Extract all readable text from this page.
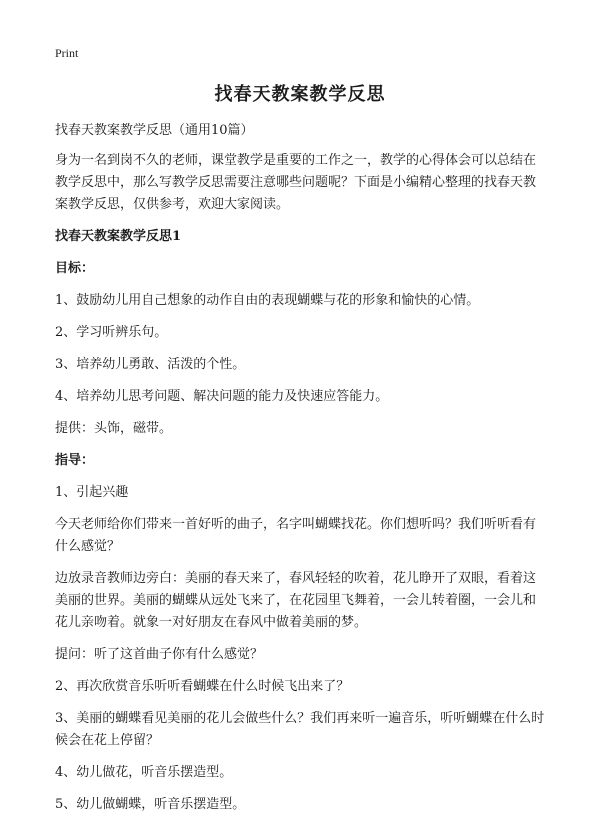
Print
找春天教案教学反思

找春天教案教学反思（通用10篇）

身为一名到岗不久的老师，课堂教学是重要的工作之一，教学的心得体会可以总结在教学反思中，那么写教学反思需要注意哪些问题呢？下面是小编精心整理的找春天教案教学反思，仅供参考，欢迎大家阅读。

找春天教案教学反思1

目标：

1、鼓励幼儿用自己想象的动作自由的表现蝴蝶与花的形象和愉快的心情。

2、学习听辨乐句。

3、培养幼儿勇敢、活泼的个性。

4、培养幼儿思考问题、解决问题的能力及快速应答能力。

提供：头饰，磁带。

指导：

1、引起兴趣

今天老师给你们带来一首好听的曲子，名字叫蝴蝶找花。你们想听吗？我们听听看有什么感觉？

边放录音教师边旁白：美丽的春天来了，春风轻轻的吹着，花儿睁开了双眼，看着这美丽的世界。美丽的蝴蝶从远处飞来了，在花园里飞舞着，一会儿转着圈，一会儿和花儿亲吻着。就象一对好朋友在春风中做着美丽的梦。

提问：听了这首曲子你有什么感觉？

2、再次欣赏音乐听听看蝴蝶在什么时候飞出来了？

3、美丽的蝴蝶看见美丽的花儿会做些什么？我们再来听一遍音乐，听听蝴蝶在什么时候会在花上停留？

4、幼儿做花，听音乐摆造型。

5、幼儿做蝴蝶，听音乐摆造型。
